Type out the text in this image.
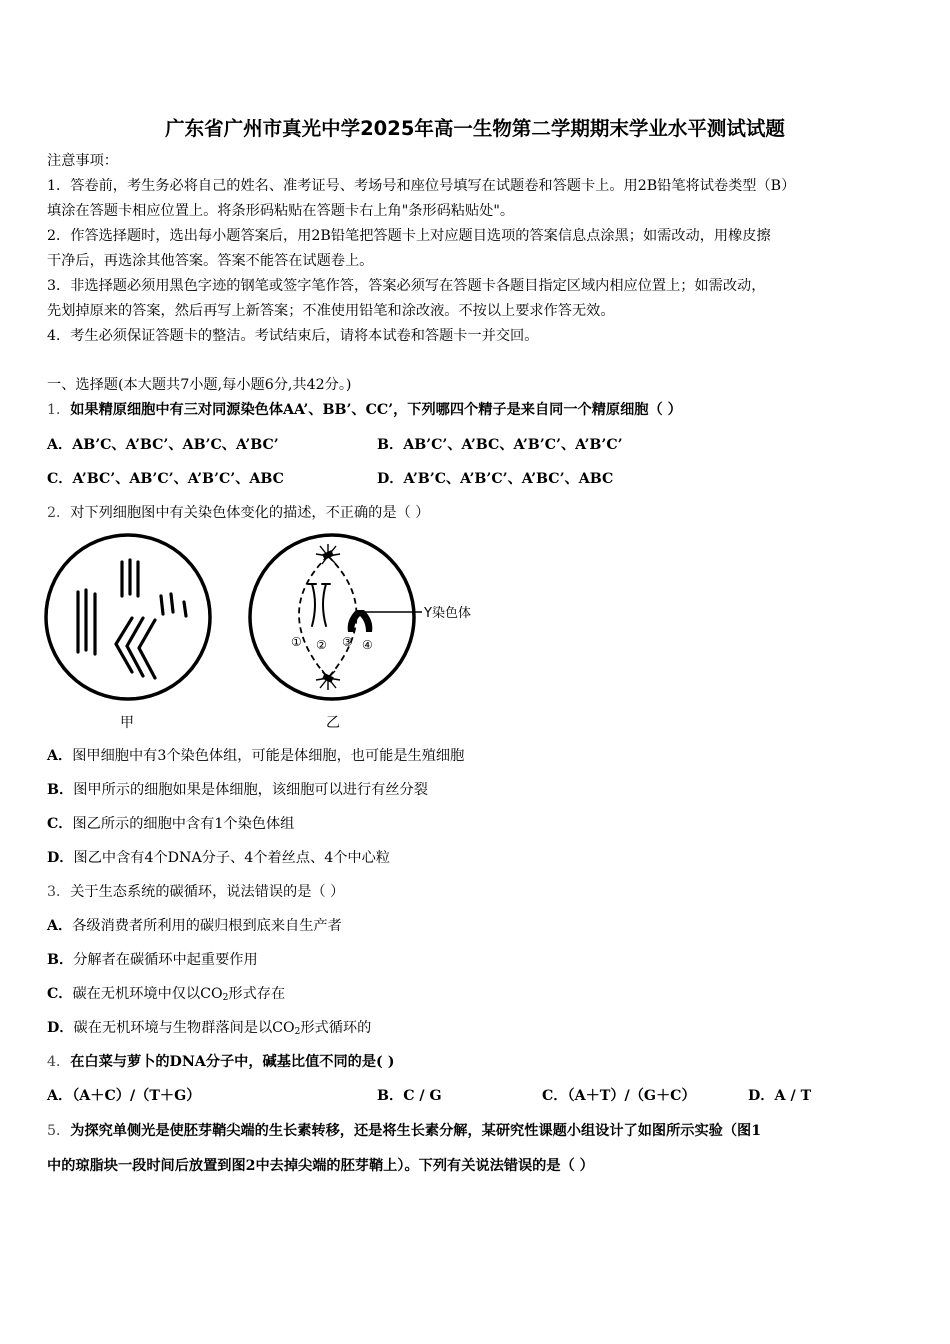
广东省广州市真光中学2025年高一生物第二学期期末学业水平测试试题
注意事项：
1．答卷前，考生务必将自己的姓名、准考证号、考场号和座位号填写在试题卷和答题卡上。用2B铅笔将试卷类型（B）
填涂在答题卡相应位置上。将条形码粘贴在答题卡右上角"条形码粘贴处"。
2．作答选择题时，选出每小题答案后，用2B铅笔把答题卡上对应题目选项的答案信息点涂黑；如需改动，用橡皮擦
干净后，再选涂其他答案。答案不能答在试题卷上。
3．非选择题必须用黑色字迹的钢笔或签字笔作答，答案必须写在答题卡各题目指定区域内相应位置上；如需改动，
先划掉原来的答案，然后再写上新答案；不准使用铅笔和涂改液。不按以上要求作答无效。
4．考生必须保证答题卡的整洁。考试结束后，请将本试卷和答题卡一并交回。
一、选择题(本大题共7小题,每小题6分,共42分。)
1．如果精原细胞中有三对同源染色体AA’、BB’、CC’，下列哪四个精子是来自同一个精原细胞（ ）
A．AB’C、A’BC’、AB’C、A’BC’	B．AB’C’、A’BC、A’B’C’、A’B’C’
C．A’BC’、AB’C’、A’B’C’、ABC	D．A’B’C、A’B’C’、A’BC’、ABC
2．对下列细胞图中有关染色体变化的描述，不正确的是（ ）
甲
Y染色体
① ② ③ ④
乙
A．图甲细胞中有3个染色体组，可能是体细胞，也可能是生殖细胞
B．图甲所示的细胞如果是体细胞，该细胞可以进行有丝分裂
C．图乙所示的细胞中含有1个染色体组
D．图乙中含有4个DNA分子、4个着丝点、4个中心粒
3．关于生态系统的碳循环，说法错误的是（ ）
A．各级消费者所利用的碳归根到底来自生产者
B．分解者在碳循环中起重要作用
C．碳在无机环境中仅以$CO_2$形式存在
D．碳在无机环境与生物群落间是以$CO_2$形式循环的
4．在白菜与萝卜的DNA分子中，碱基比值不同的是( )
A．（A＋C）/（T＋G）	B．C / G	C．（A＋T）/（G＋C）	D．A / T
5．为探究单侧光是使胚芽鞘尖端的生长素转移，还是将生长素分解，某研究性课题小组设计了如图所示实验（图1
中的琼脂块一段时间后放置到图2中去掉尖端的胚芽鞘上）。下列有关说法错误的是（ ）
